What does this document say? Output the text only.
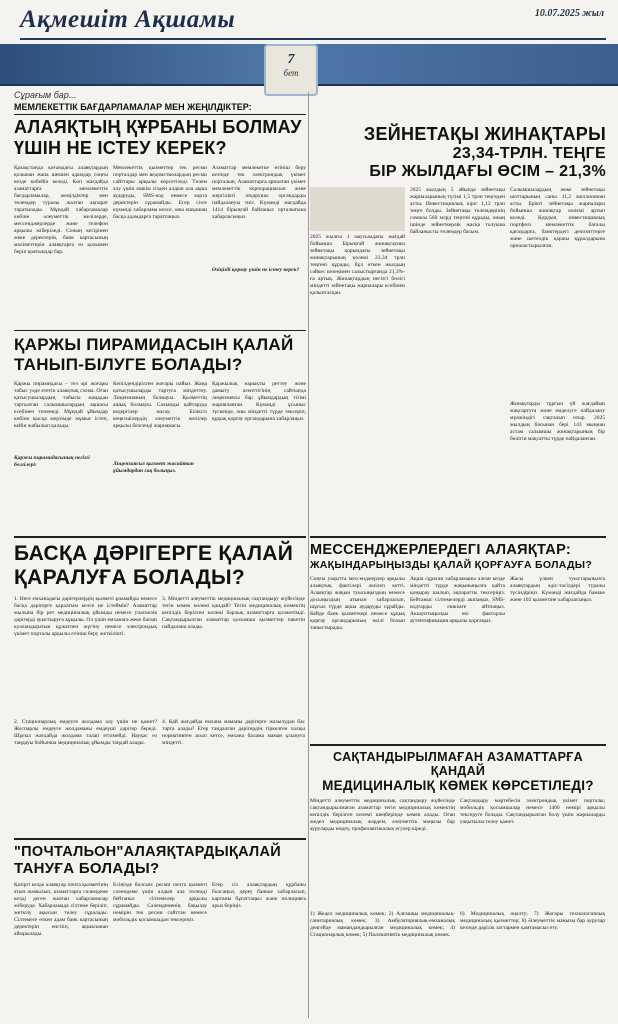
Ақмешіт Ақшамы	10.07.2025 жыл
7
бет
Сұрағым бар...
МЕМЛЕКЕТТІК БАҒДАРЛАМАЛАР МЕН ЖЕҢІЛДІКТЕР:
АЛАЯҚТЫҢ ҚҰРБАНЫ БОЛМАУ
ҮШІН НЕ ІСТЕУ КЕРЕК?
Қазақстанда қоғамдағы алаяқтардың қолынан жапа шеккен адамдар соңғы кезде көбейіп келеді. Көп жағдайда азаматтарға мемлекеттік бағдарламалар, жеңілдіктер мен төлемдер туралы жалған ақпарат таратылады. Мұндай хабарламалар көбіне әлеуметтік желілерде, мессенджерлерде және телефон арқылы жіберіледі. Соның кесірінен жеке деректерін, банк картасының мәліметтерін алаяқтарға өз қолымен беріп қоятындар бар.
Мемлекеттік қызметтер тек ресми порталдар мен ведомстволардың ресми сайттары арқылы көрсетіледі. Төлем алу үшін ешкім сізден алдын ала ақша аударуды, SMS-код немесе карта деректерін сұрамайды. Егер сізге күмәнді хабарлама келсе, оны ешқашан басқа адамдарға таратпаңыз.
Азаматтар мемлекетке өтініш беру кезінде тек электрондық үкімет порталын, Азаматтарға арналған үкімет мемлекеттік корпорациясын және жергілікті атқарушы органдарды пайдалануы тиіс. Күмәнді жағдайда 1414 бірыңғай байланыс орталығына хабарласыңыз.
Өзіңізді қорғау үшін не істеу керек?
ЗЕЙНЕТАҚЫ ЖИНАҚТАРЫ
23,34-ТРЛН. ТЕҢГЕ
БІР ЖЫЛДАҒЫ ӨСІМ – 21,3%
2025 жылғы 1 маусымдағы жағдай бойынша Бірыңғай жинақтаушы зейнетақы қорындағы зейнетақы жинақтарының көлемі 23,34 трлн теңгені құрады, бұл өткен жылдың сәйкес кезеңімен салыстырғанда 21,3%-ға артық. Жинақтардың негізгі бөлігі міндетті зейнетақы жарналары есебінен қалыптасқан.
2025 жылдың 5 айында зейнетақы жарналарының түсімі 1,5 трлн теңгеден асты. Инвестициялық кіріс 1,12 трлн теңге болды. Зейнетақы төлемдерінің сомасы 560 млрд теңгені құрады, оның ішінде зейнеткерлік жасқа толуына байланысты төлемдер басым.
Салымшылардың жеке зейнетақы шоттарының саны 11,2 миллионнан асты. Ерікті зейнетақы жарналары бойынша жинақтар көлемі артып келеді. Қордың инвестициялық портфелі мемлекеттік бағалы қағаздарға, банктердегі депозиттерге және шетелдік қаржы құралдарына орналастырылған.
Жинақтарды тұрғын үй жағдайын жақсартуға және емделуге пайдалану мүмкіндігі сақталып отыр. 2025 жылдың басынан бері 143 мыңнан астам салымшы жинақтарының бір бөлігін мақсатты түрде пайдаланған.
ҚАРЖЫ ПИРАМИДАСЫН ҚАЛАЙ
ТАНЫП-БІЛУГЕ БОЛАДЫ?
Қаржы пирамидасы – тез әрі жоғары табыс уәде ететін алаяқтық схема. Оған қатысушылардың табысы жаңадан тартылған салымшылардың ақшасы есебінен төленеді. Мұндай ұйымдар көбіне қысқа мерзімде жұмыс істеп, кейін жабылып қалады.
Қаржы пирамидасының негізгі белгілері:
Кепілдендірілген жоғары пайыз. Жаңа қатысушыларды тартуға міндеттеу. Лицензияның болмауы. Қызметтің ашық болмауы. Салымды қайтаруда кедергілер жасау. Біліксіз кеңесшілердің әлеуметтік желілер арқылы белсенді жарнамасы.
Лицензиясыз қызмет жасайтын ұйымдардан сақ болыңыз.
Қаржылық нарықты реттеу және дамыту агенттігінің сайтында лицензиясы бар ұйымдардың тізімі жарияланған. Күмәнді ұсыныс түскенде, оны міндетті түрде тексеріп, құқық қорғау органдарына хабарлаңыз.
БАСҚА ДӘРІГЕРГЕ ҚАЛАЙ
ҚАРАЛУҒА БОЛАДЫ?
1. Неге емханадағы дәрігерлердің қызметі ұнамайды немесе басқа дәрігерге қаралғым келсе не істеймін? Азаматтар жылына бір рет медициналық ұйымды немесе учаскелік дәрігерді ауыстыруға құқылы. Ол үшін емханаға жеке басын куәландыратын құжатпен жүгіну немесе электрондық үкімет порталы арқылы өтініш беру жеткілікті.
2. Стационарлық емдеуге жолдама алу үшін не қажет? Жоспарлы емдеуге жолдаманы емдеуші дәрігер береді. Шұғыл жағдайда жолдама талап етілмейді. Науқас өз таңдауы бойынша медициналық ұйымды таңдай алады.
3. Міндетті әлеуметтік медициналық сақтандыру жүйесінде тегін көмек көлемі қандай? Тегін медициналық көмектің кепілдік берілген көлемі барлық азаматтарға қолжетімді. Сақтандырылған азаматтар қосымша қызметтер пакетін пайдалана алады.
4. Қай жағдайда емхана маманы дәрігерге жазылудан бас тарта алады? Егер таңдалған дәрігердің тіркелген халқы нормативтен асып кетсе, емхана балама маман ұсынуға міндетті.
МЕССЕНДЖЕРЛЕРДЕГІ АЛАЯҚТАР:
ЖАҚЫНДАРЫҢЫЗДЫ ҚАЛАЙ ҚОРҒАУҒА БОЛАДЫ?
Соңғы уақытта мессенджерлер арқылы алаяқтық фактілері жиілеп кетті. Алаяқтар жақын туысыңыздың немесе досыңыздың атынан хабарласып, шұғыл түрде ақша аударуды сұрайды. Кейде банк қызметкері немесе құқық қорғау органдарының өкілі болып таныстырады.
Ақша сұраған хабарламаны алған кезде міндетті түрде жақыныңызға қайта қоңырау шалып, ақпаратты тексеріңіз. Бейтаныс сілтемелерді ашпаңыз, SMS-кодтарды ешкімге айтпаңыз. Аккаунтыңызды екі факторлы аутентификация арқылы қорғаңыз.
Жасы үлкен туыстарыңызға алаяқтардың әдіс-тәсілдері туралы түсіндіріңіз. Күмәнді жағдайда банкке және 102 қызметіне хабарласыңыз.
САҚТАНДЫРЫЛМАҒАН АЗАМАТТАРҒА ҚАНДАЙ
МЕДИЦИНАЛЫҚ КӨМЕК КӨРСЕТІЛЕДІ?
Міндетті әлеуметтік медициналық сақтандыру жүйесінде сақтандырылмаған азаматтар тегін медициналық көмектің кепілдік берілген көлемі шеңберінде көмек алады. Оған жедел медициналық жәрдем, әлеуметтік маңызы бар ауруларды емдеу, профилактикалық егулер кіреді.
1) Жедел медициналық көмек; 2) Алғашқы медициналық-санитариялық көмек; 3) Амбулаториялық-емханалық деңгейде мамандандырылған медициналық көмек; 4) Стационарлық көмек; 5) Паллиативтік медициналық көмек.
Сақтандыру мәртебесін электрондық үкімет порталы, мобильдік қосымшалар немесе 1406 нөмірі арқылы тексеруге болады. Сақтандырылған болу үшін жарналарды уақытылы төлеу қажет.
6) Медициналық оңалту; 7) Жоғары технологиялық медициналық қызметтер; 8) Әлеуметтік маңызы бар аурулар кезінде дәрілік заттармен қамтамасыз ету.
"ПОЧТАЛЬОН"АЛАЯҚТАРДЫҚАЛАЙ
ТАНУҒА БОЛАДЫ?
Қазіргі кезде алаяқтар почта қызметінің атын жамылып, азаматтарға сәлемдеме келді деген жалған хабарламалар жіберуде. Хабарламада сілтеме беріліп, жеткізу ақысын төлеу сұралады. Сілтемеге өткен адам банк картасының деректерін енгізіп, ақшасынан айырылады.
Есіңізде болсын: ресми почта қызметі сәлемдеме үшін алдын ала төлемді бейтаныс сілтемелер арқылы сұрамайды. Сәлемдеменің бақылау нөмірін тек ресми сайттан немесе мобильдік қосымшадан тексеріңіз.
Егер сіз алаяқтардың құрбаны болсаңыз, дереу банкке хабарласып, картаны бұғаттаңыз және полицияға арыз беріңіз.
